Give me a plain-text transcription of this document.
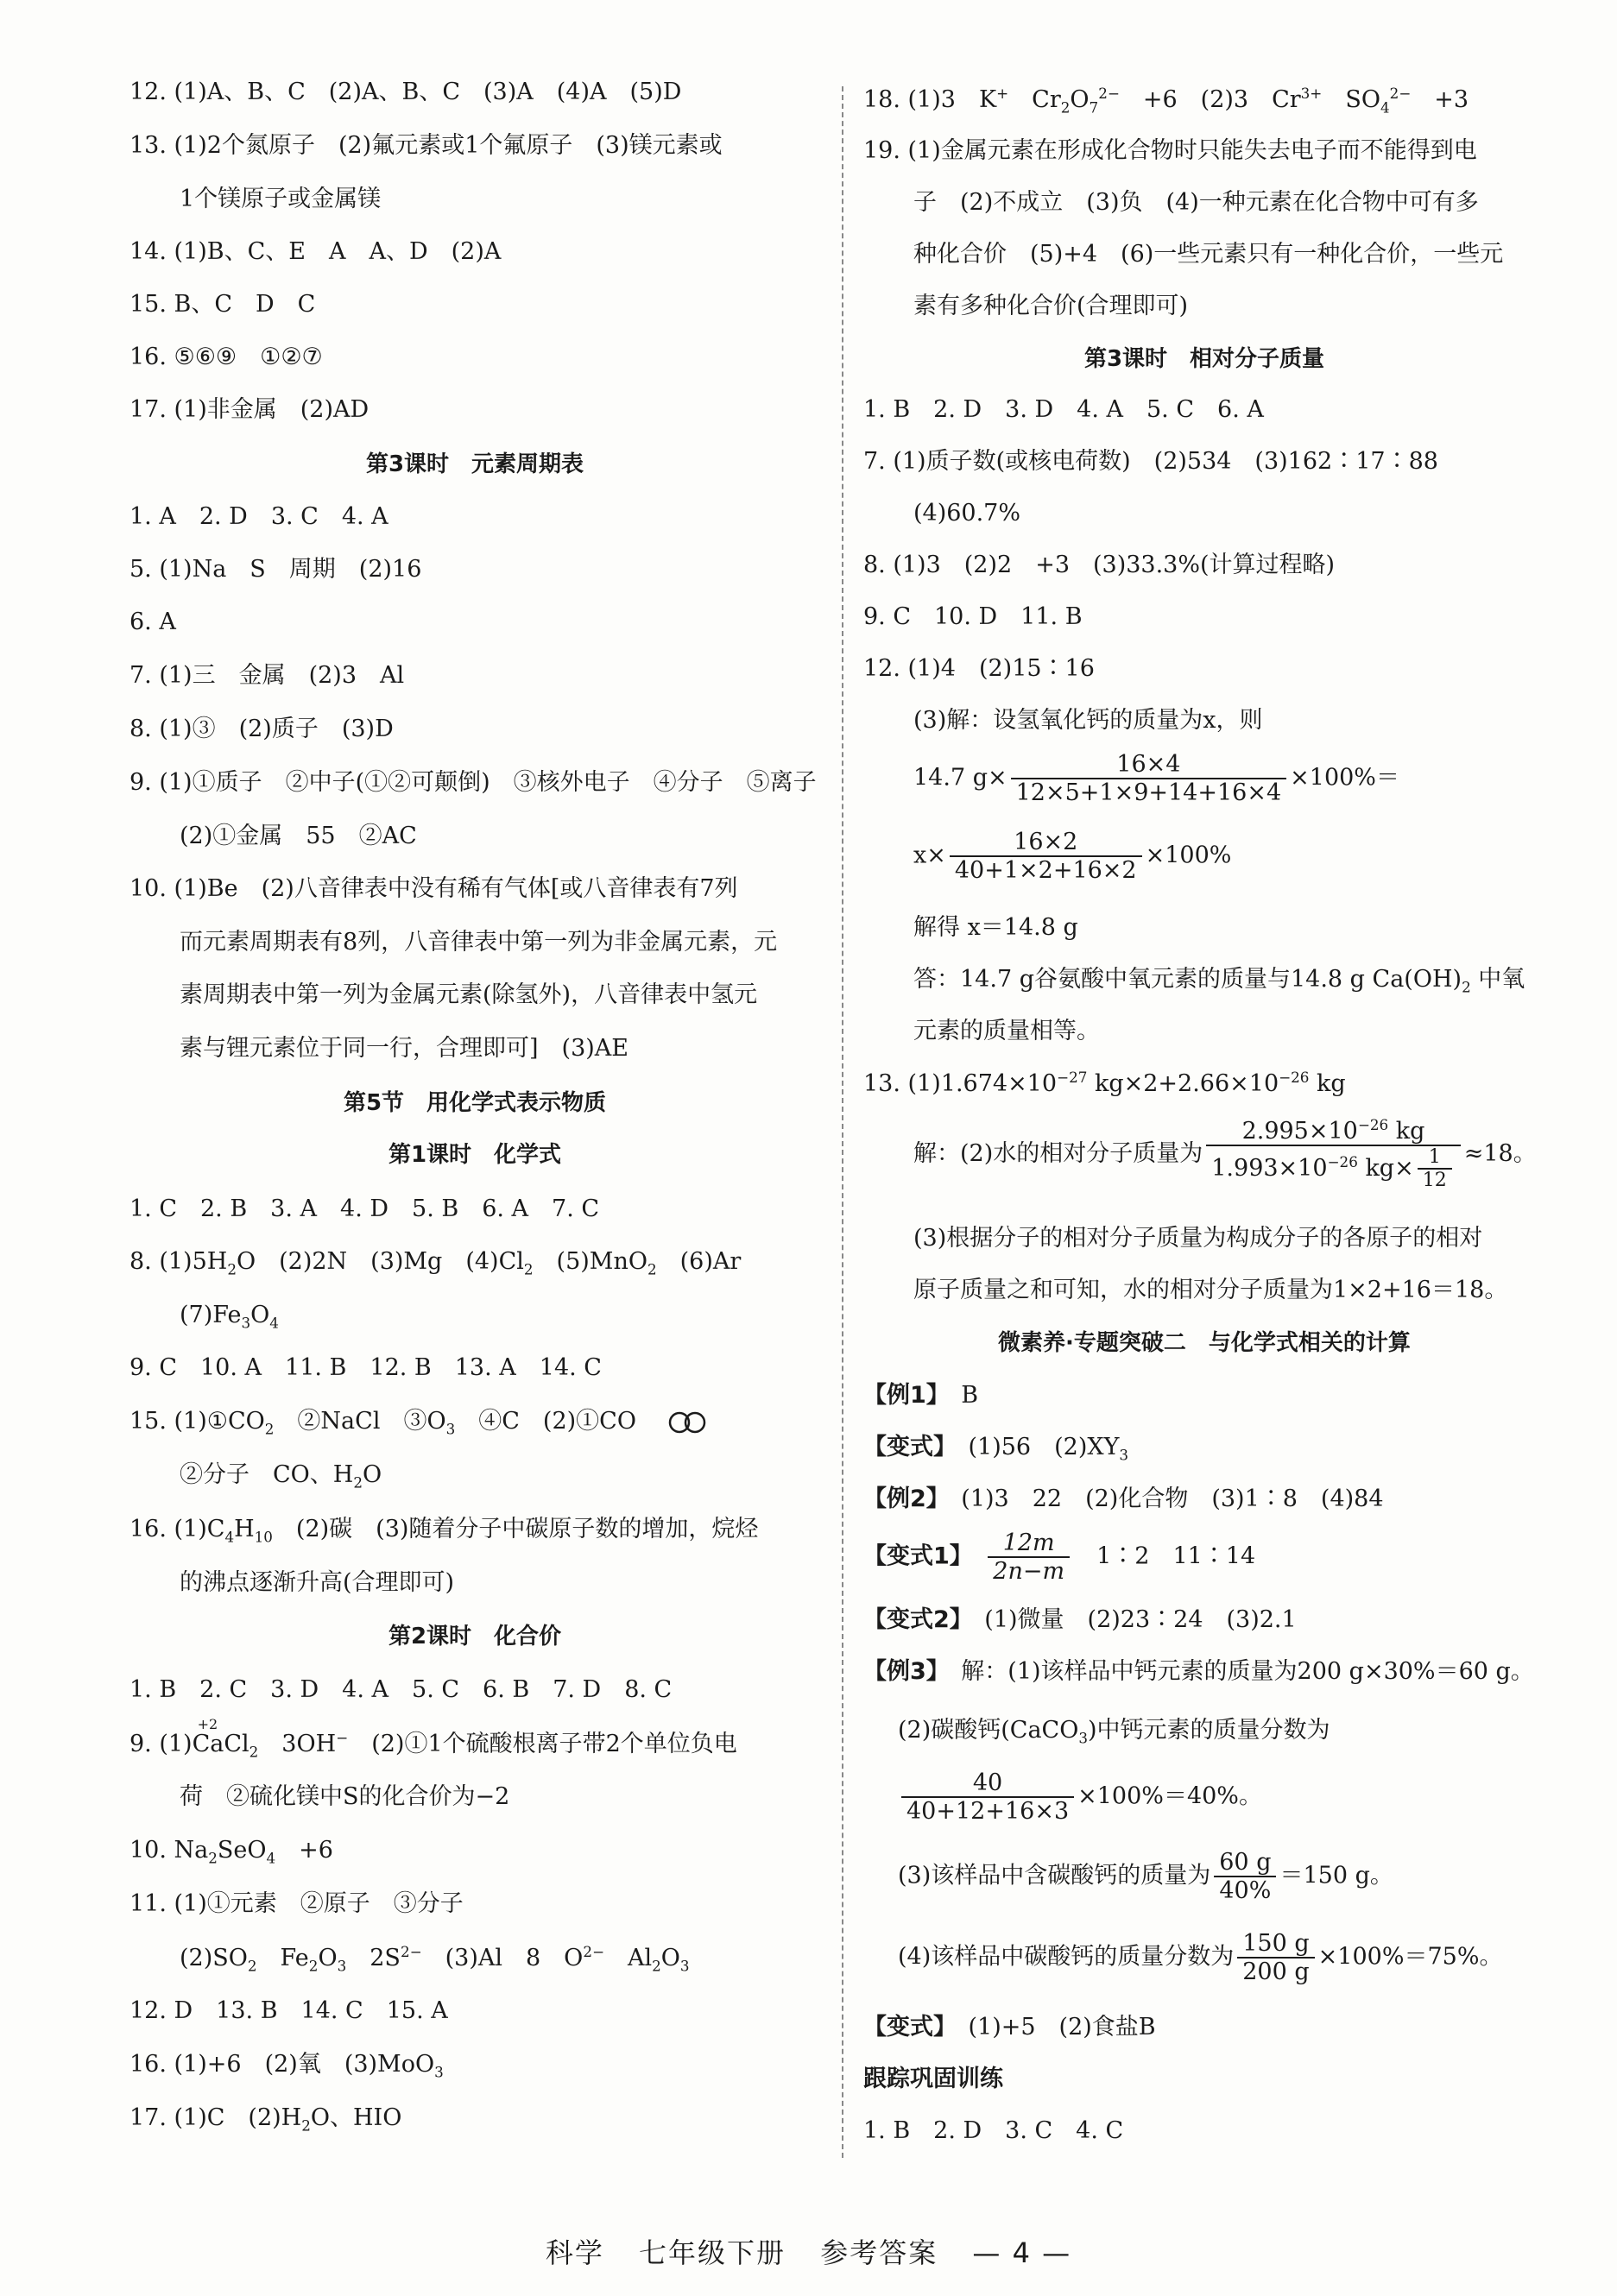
12. (1)A、B、C　(2)A、B、C　(3)A　(4)A　(5)D
13. (1)2个氮原子　(2)氟元素或1个氟原子　(3)镁元素或
1个镁原子或金属镁
14. (1)B、C、E　A　A、D　(2)A
15. B、C　D　C
16. ⑤⑥⑨　①②⑦
17. (1)非金属　(2)AD
第3课时　元素周期表
1. A　2. D　3. C　4. A
5. (1)Na　S　周期　(2)16
6. A
7. (1)三　金属　(2)3　Al
8. (1)③　(2)质子　(3)D
9. (1)①质子　②中子(①②可颠倒)　③核外电子　④分子　⑤离子
(2)①金属　55　②AC
10. (1)Be　(2)八音律表中没有稀有气体[或八音律表有7列
而元素周期表有8列，八音律表中第一列为非金属元素，元
素周期表中第一列为金属元素(除氢外)，八音律表中氢元
素与锂元素位于同一行，合理即可]　(3)AE
第5节　用化学式表示物质
第1课时　化学式
1. C　2. B　3. A　4. D　5. B　6. A　7. C
8. $(1)5H_2O$　(2)2N　(3)Mg　$(4)Cl_2$　(5)MnO$_2$　(6)Ar
$(7)Fe_3O_4$
9. C　10. A　11. B　12. B　13. A　14. C
15. $(1)①CO_2$　②NaCl　$③O_3$　④C　(2)①CO　
②分子　CO、$H_2O$
16. $(1)C_4H_{10}$　(2)碳　(3)随着分子中碳原子数的增加，烷烃
的沸点逐渐升高(合理即可)
第2课时　化合价
1. B　2. C　3. D　4. A　5. C　6. B　7. D　8. C
9. (1)
+2
CaCl$_2$　3OH−　(2)①1个硫酸根离子带2个单位负电
荷　②硫化镁中S的化合价为−2
10. $Na_2SeO_4$　+6
11. (1)①元素　②原子　③分子
$(2)SO_2$　$Fe_2O_3$　$2S^{2-}$　(3)Al　8　$O^{2-}$　$Al_2O_3$
12. D　13. B　14. C　15. A
16. (1)+6　(2)氧　(3)MoO$_3$
17. (1)C　$(2)H_2O$、HIO
18. (1)3　K+　$Cr_2O_7^{2-}$　+6　(2)3　$Cr^{3+}$　$SO_4^{2-}$　+3
19. (1)金属元素在形成化合物时只能失去电子而不能得到电
子　(2)不成立　(3)负　(4)一种元素在化合物中可有多
种化合价　(5)+4　(6)一些元素只有一种化合价，一些元
素有多种化合价(合理即可)
第3课时　相对分子质量
1. B　2. D　3. D　4. A　5. C　6. A
7. (1)质子数(或核电荷数)　(2)534　(3)162∶17∶88
(4)60.7%
8. (1)3　(2)2　+3　(3)33.3%(计算过程略)
9. C　10. D　11. B
12. (1)4　(2)15∶16
(3)解：设氢氧化钙的质量为x，则
14.7 $g\times \frac{16\times 4}{12\times 5+1\times 9+14+16\times 4} \times 100\%=$
$x\times \frac{16\times 2}{40+1\times 2+16\times 2} \times 100\%$
解得 x＝14.8 g
答：14.7 g谷氨酸中氧元素的质量与14.8 g $Ca(OH)_2$ 中氧
元素的质量相等。
13. $(1)1.674\times 10^{-27}$ $kg\times 2+2.66\times 10^{-26}$ kg
解：(2)水的相对分子质量为 $\frac{2.995\times 10^{-26} kg}{1.993\times 10^{-26} kg\times \frac{1}{12}} \approx 18$。
(3)根据分子的相对分子质量为构成分子的各原子的相对
原子质量之和可知，水的相对分子质量为1×2+16＝18。
微素养·专题突破二　与化学式相关的计算
【例1】　 B
【变式】　 (1)56　$(2)XY_3$
【例2】　 (1)3　22　(2)化合物　(3)1∶8　(4)84
【变式1】　 $\frac{12m}{2n-m}$
　 1∶2　11∶14
【变式2】　 (1)微量　(2)23∶24　(3)2.1
【例3】　 解：(1)该样品中钙元素的质量为200 g×30%＝60 g。
(2)碳酸钙(CaCO$_3$)中钙元素的质量分数为
$\frac{40}{40+12+16\times 3} \times 100\%=40\%$。
(3)该样品中含碳酸钙的质量为 $\frac{60 g}{40\%} =150$ g。
(4)该样品中碳酸钙的质量分数为 $\frac{150 g}{200 g} \times 100\%=75\%$。
【变式】　 (1)+5　(2)食盐B
跟踪巩固训练
1. B　2. D　3. C　4. C
科学 七年级下册 参考答案 — 4 —
